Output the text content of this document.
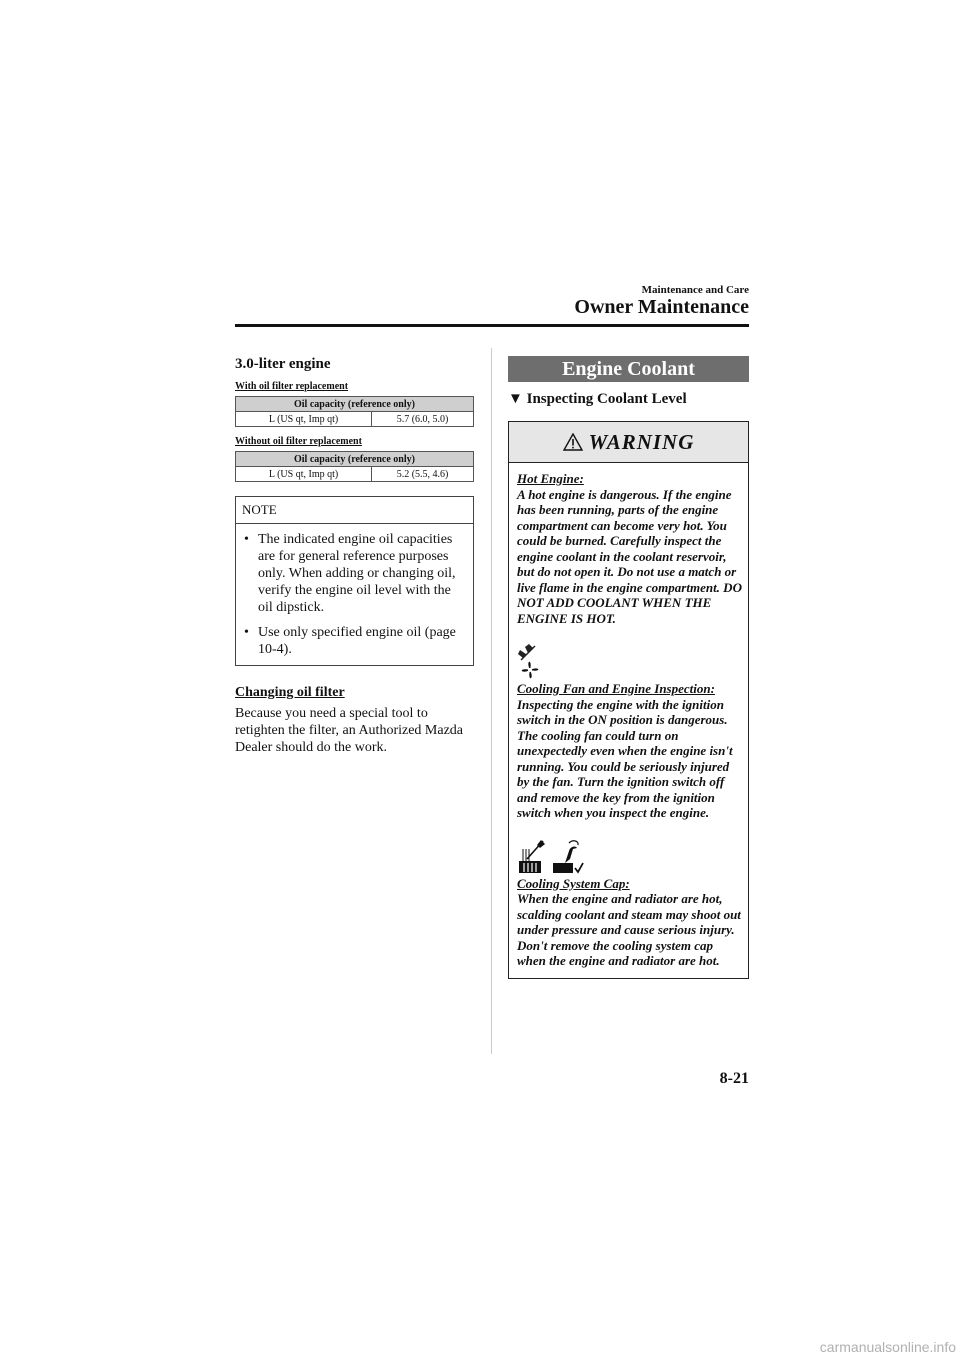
Maintenance and Care
Owner Maintenance
3.0-liter engine
With oil filter replacement
Oil capacity (reference only)
L (US qt, Imp qt)	5.7 (6.0, 5.0)
Without oil filter replacement
Oil capacity (reference only)
L (US qt, Imp qt)	5.2 (5.5, 4.6)
NOTE
• The indicated engine oil capacities are for general reference purposes only. When adding or changing oil, verify the engine oil level with the oil dipstick.
• Use only specified engine oil (page 10-4).
Changing oil filter

Because you need a special tool to retighten the filter, an Authorized Mazda Dealer should do the work.

Engine Coolant
▼ Inspecting Coolant Level
WARNING
Hot Engine:

A hot engine is dangerous. If the engine has been running, parts of the engine compartment can become very hot. You could be burned. Carefully inspect the engine coolant in the coolant reservoir, but do not open it. Do not use a match or live flame in the engine compartment. DO NOT ADD COOLANT WHEN THE ENGINE IS HOT.

Cooling Fan and Engine Inspection:

Inspecting the engine with the ignition switch in the ON position is dangerous. The cooling fan could turn on unexpectedly even when the engine isn't running. You could be seriously injured by the fan. Turn the ignition switch off and remove the key from the ignition switch when you inspect the engine.

Cooling System Cap:

When the engine and radiator are hot, scalding coolant and steam may shoot out under pressure and cause serious injury. Don't remove the cooling system cap when the engine and radiator are hot.

8-21
carmanualsonline.info
